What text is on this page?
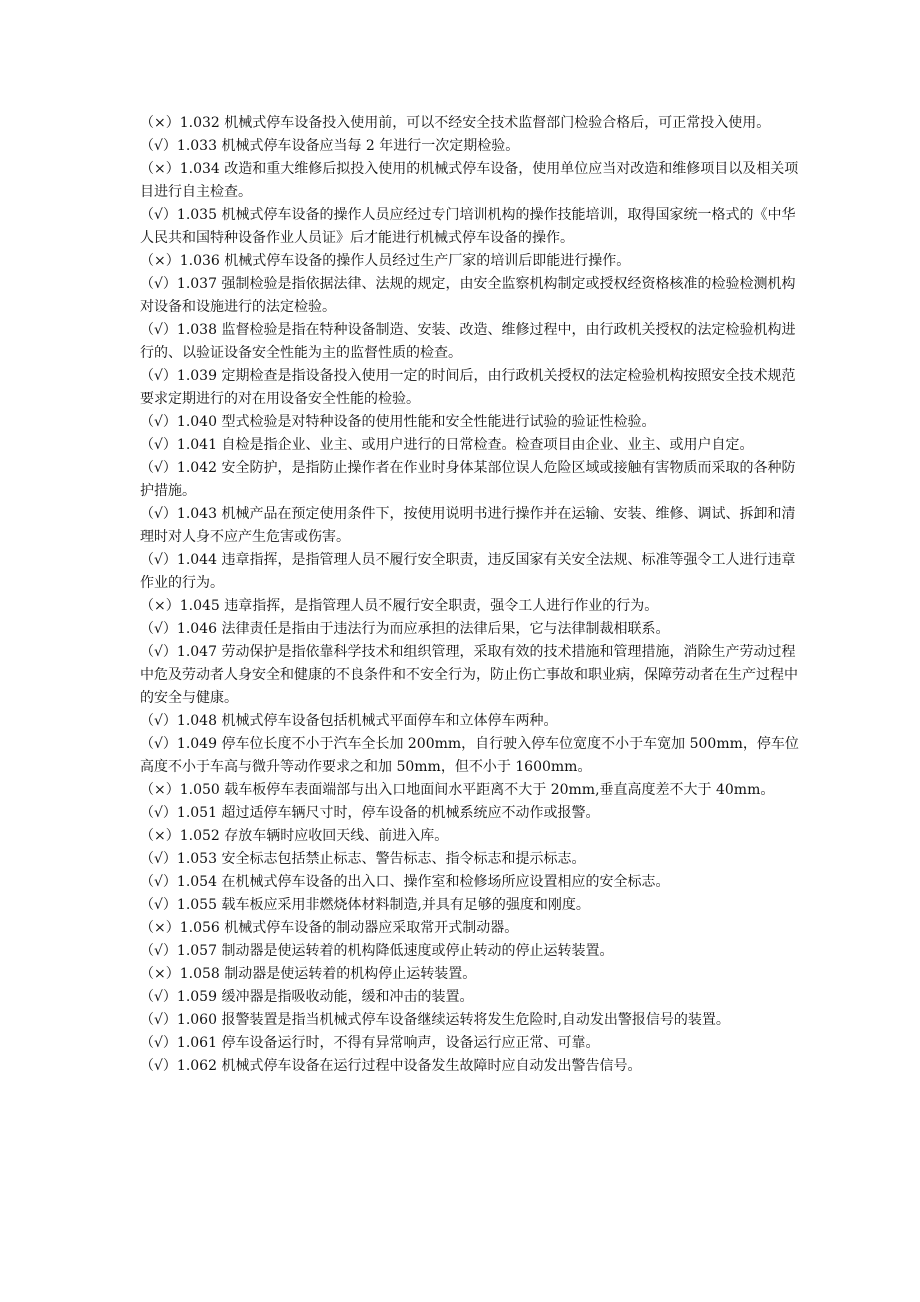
（×）1.032 机械式停车设备投入使用前，可以不经安全技术监督部门检验合格后，可正常投入使用。

（√）1.033 机械式停车设备应当每 2 年进行一次定期检验。

（×）1.034 改造和重大维修后拟投入使用的机械式停车设备，使用单位应当对改造和维修项目以及相关项目进行自主检查。

（√）1.035 机械式停车设备的操作人员应经过专门培训机构的操作技能培训，取得国家统一格式的《中华人民共和国特种设备作业人员证》后才能进行机械式停车设备的操作。

（×）1.036 机械式停车设备的操作人员经过生产厂家的培训后即能进行操作。

（√）1.037 强制检验是指依据法律、法规的规定，由安全监察机构制定或授权经资格核准的检验检测机构对设备和设施进行的法定检验。

（√）1.038 监督检验是指在特种设备制造、安装、改造、维修过程中，由行政机关授权的法定检验机构进行的、以验证设备安全性能为主的监督性质的检查。

（√）1.039 定期检查是指设备投入使用一定的时间后，由行政机关授权的法定检验机构按照安全技术规范要求定期进行的对在用设备安全性能的检验。

（√）1.040 型式检验是对特种设备的使用性能和安全性能进行试验的验证性检验。

（√）1.041 自检是指企业、业主、或用户进行的日常检查。检查项目由企业、业主、或用户自定。

（√）1.042 安全防护，是指防止操作者在作业时身体某部位误人危险区域或接触有害物质而采取的各种防护措施。

（√）1.043 机械产品在预定使用条件下，按使用说明书进行操作并在运输、安装、维修、调试、拆卸和清理时对人身不应产生危害或伤害。

（√）1.044 违章指挥，是指管理人员不履行安全职责，违反国家有关安全法规、标准等强令工人进行违章作业的行为。

（×）1.045 违章指挥，是指管理人员不履行安全职责，强令工人进行作业的行为。

（√）1.046 法律责任是指由于违法行为而应承担的法律后果，它与法律制裁相联系。

（√）1.047 劳动保护是指依靠科学技术和组织管理，采取有效的技术措施和管理措施，消除生产劳动过程中危及劳动者人身安全和健康的不良条件和不安全行为，防止伤亡事故和职业病，保障劳动者在生产过程中的安全与健康。

（√）1.048 机械式停车设备包括机械式平面停车和立体停车两种。

（√）1.049 停车位长度不小于汽车全长加 200mm，自行驶入停车位宽度不小于车宽加 500mm，停车位高度不小于车高与微升等动作要求之和加 50mm，但不小于 1600mm。

（×）1.050 载车板停车表面端部与出入口地面间水平距离不大于 20mm,垂直高度差不大于 40mm。

（√）1.051 超过适停车辆尺寸时，停车设备的机械系统应不动作或报警。

（×）1.052 存放车辆时应收回天线、前进入库。

（√）1.053 安全标志包括禁止标志、警告标志、指令标志和提示标志。

（√）1.054 在机械式停车设备的出入口、操作室和检修场所应设置相应的安全标志。

（√）1.055 载车板应采用非燃烧体材料制造,并具有足够的强度和刚度。

（×）1.056 机械式停车设备的制动器应采取常开式制动器。

（√）1.057 制动器是使运转着的机构降低速度或停止转动的停止运转装置。

（×）1.058 制动器是使运转着的机构停止运转装置。

（√）1.059 缓冲器是指吸收动能，缓和冲击的装置。

（√）1.060 报警装置是指当机械式停车设备继续运转将发生危险时,自动发出警报信号的装置。

（√）1.061 停车设备运行时，不得有异常响声，设备运行应正常、可靠。

（√）1.062 机械式停车设备在运行过程中设备发生故障时应自动发出警告信号。
